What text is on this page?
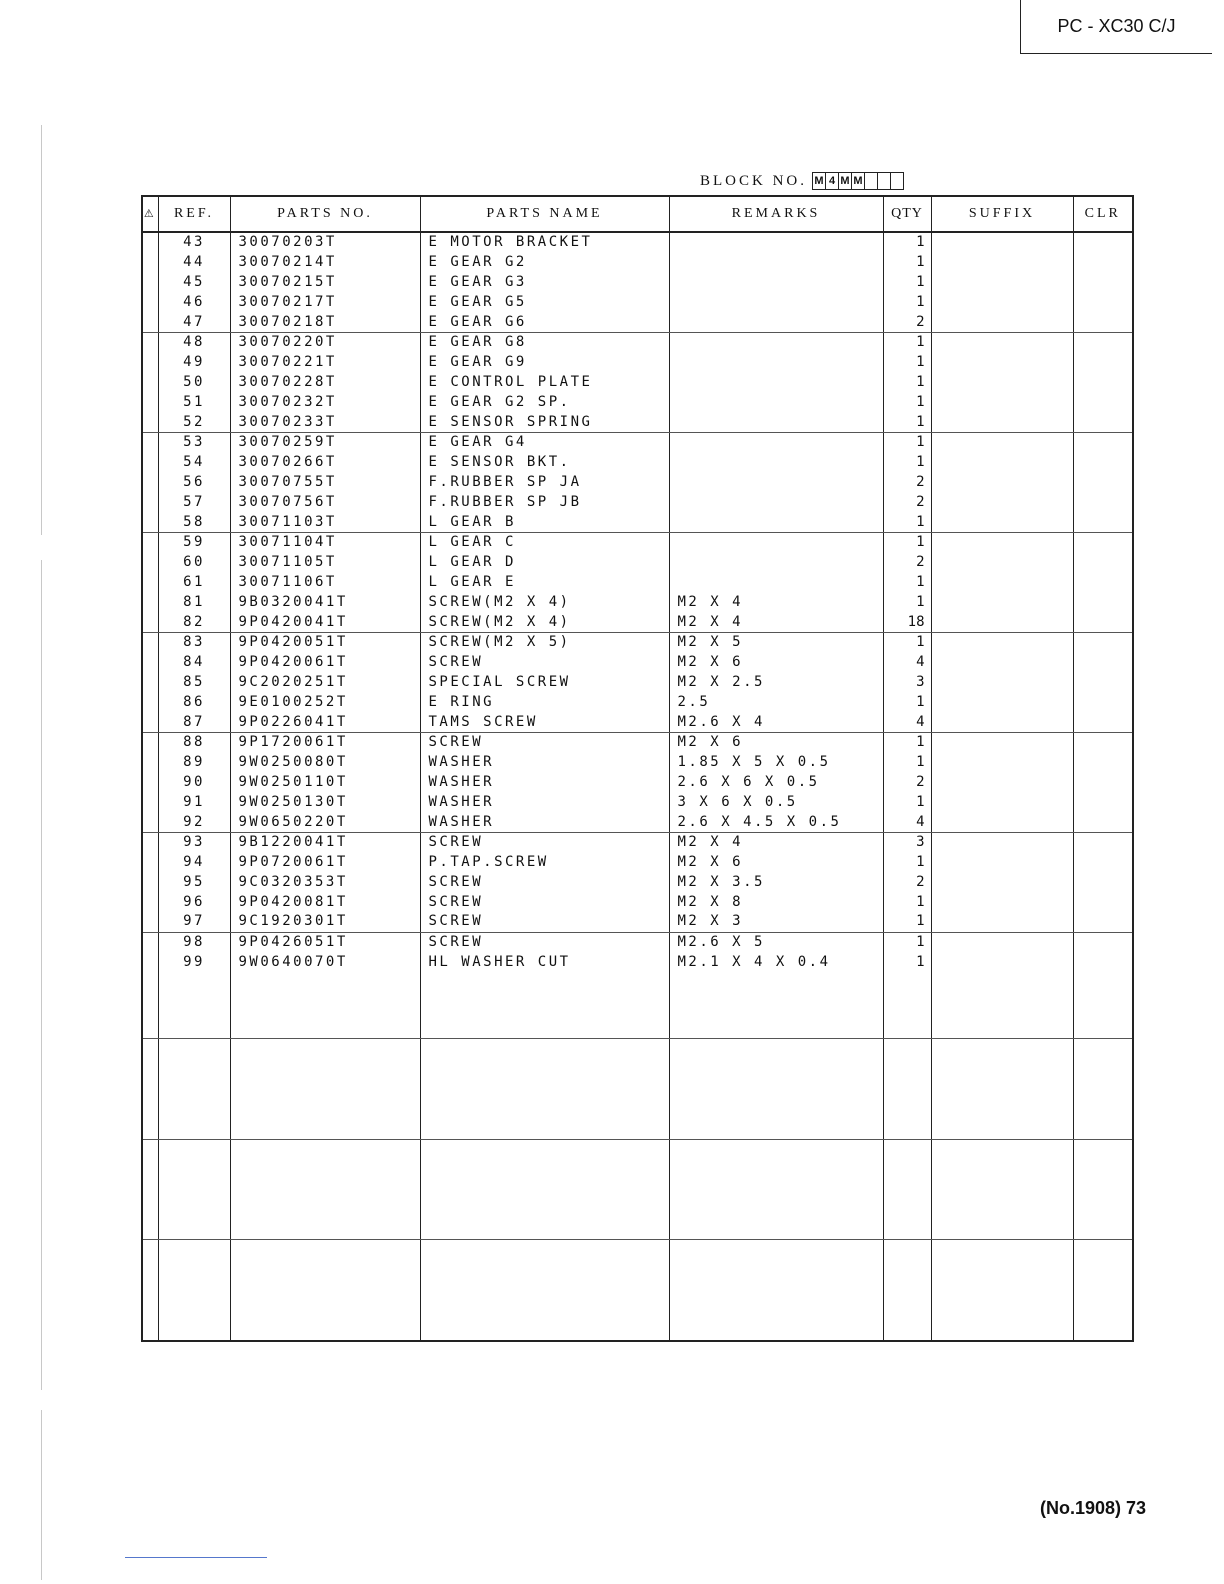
PC - XC30 C/J
BLOCK NO. M 4 M M
⚠	REF.	PARTS NO.	PARTS NAME	REMARKS	QTY	SUFFIX	CLR
	43	30070203T	E MOTOR BRACKET		1		
	44	30070214T	E GEAR G2		1		
	45	30070215T	E GEAR G3		1		
	46	30070217T	E GEAR G5		1		
	47	30070218T	E GEAR G6		2		
	48	30070220T	E GEAR G8		1		
	49	30070221T	E GEAR G9		1		
	50	30070228T	E CONTROL PLATE		1		
	51	30070232T	E GEAR G2 SP.		1		
	52	30070233T	E SENSOR SPRING		1		
	53	30070259T	E GEAR G4		1		
	54	30070266T	E SENSOR BKT.		1		
	56	30070755T	F.RUBBER SP JA		2		
	57	30070756T	F.RUBBER SP JB		2		
	58	30071103T	L GEAR B		1		
	59	30071104T	L GEAR C		1		
	60	30071105T	L GEAR D		2		
	61	30071106T	L GEAR E		1		
	81	9B0320041T	SCREW(M2 X 4)	M2 X 4	1		
	82	9P0420041T	SCREW(M2 X 4)	M2 X 4	18		
	83	9P0420051T	SCREW(M2 X 5)	M2 X 5	1		
	84	9P0420061T	SCREW	M2 X 6	4		
	85	9C2020251T	SPECIAL SCREW	M2 X 2.5	3		
	86	9E0100252T	E RING	2.5	1		
	87	9P0226041T	TAMS SCREW	M2.6 X 4	4		
	88	9P1720061T	SCREW	M2 X 6	1		
	89	9W0250080T	WASHER	1.85 X 5 X 0.5	1		
	90	9W0250110T	WASHER	2.6 X 6 X 0.5	2		
	91	9W0250130T	WASHER	3 X 6 X 0.5	1		
	92	9W0650220T	WASHER	2.6 X 4.5 X 0.5	4		
	93	9B1220041T	SCREW	M2 X 4	3		
	94	9P0720061T	P.TAP.SCREW	M2 X 6	1		
	95	9C0320353T	SCREW	M2 X 3.5	2		
	96	9P0420081T	SCREW	M2 X 8	1		
	97	9C1920301T	SCREW	M2 X 3	1		
	98	9P0426051T	SCREW	M2.6 X 5	1		
	99	9W0640070T	HL WASHER CUT	M2.1 X 4 X 0.4	1		

(No.1908) 73
